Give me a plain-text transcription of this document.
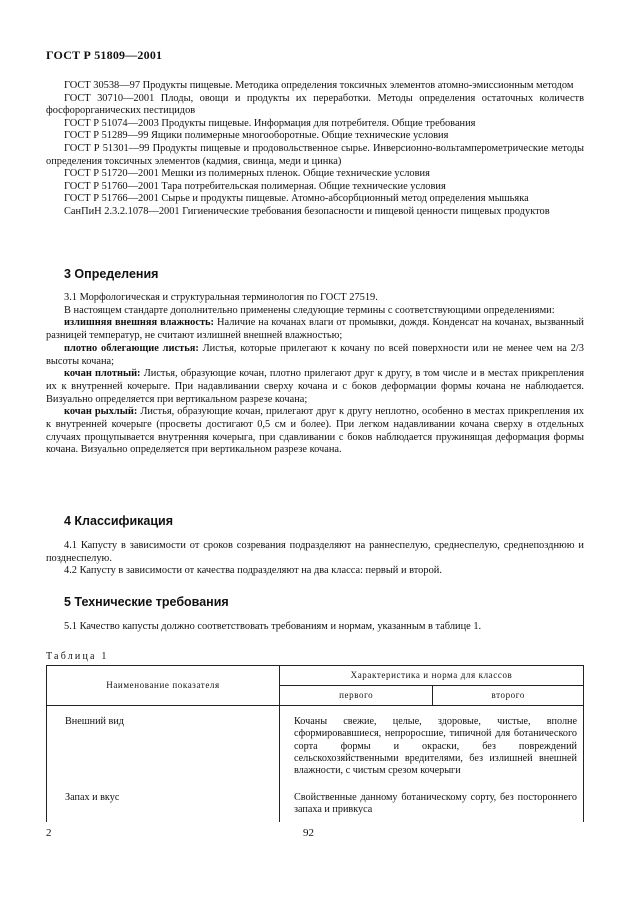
ГОСТ Р 51809—2001

ГОСТ 30538—97 Продукты пищевые. Методика определения токсичных элементов атомно-эмиссионным методом

ГОСТ 30710—2001 Плоды, овощи и продукты их переработки. Методы определения остаточных количеств фосфорорганических пестицидов

ГОСТ Р 51074—2003 Продукты пищевые. Информация для потребителя. Общие требования

ГОСТ Р 51289—99 Ящики полимерные многооборотные. Общие технические условия

ГОСТ Р 51301—99 Продукты пищевые и продовольственное сырье. Инверсионно-вольтамперометрические методы определения токсичных элементов (кадмия, свинца, меди и цинка)

ГОСТ Р 51720—2001 Мешки из полимерных пленок. Общие технические условия

ГОСТ Р 51760—2001 Тара потребительская полимерная. Общие технические условия

ГОСТ Р 51766—2001 Сырье и продукты пищевые. Атомно-абсорбционный метод определения мышьяка

СанПиН 2.3.2.1078—2001 Гигиенические требования безопасности и пищевой ценности пищевых продуктов

3 Определения

3.1 Морфологическая и структуральная терминология по ГОСТ 27519.

В настоящем стандарте дополнительно применены следующие термины с соответствующими определениями:

излишняя внешняя влажность: Наличие на кочанах влаги от промывки, дождя. Конденсат на кочанах, вызванный разницей температур, не считают излишней внешней влажностью;

плотно облегающие листья: Листья, которые прилегают к кочану по всей поверхности или не менее чем на 2/3 высоты кочана;

кочан плотный: Листья, образующие кочан, плотно прилегают друг к другу, в том числе и в местах прикрепления их к внутренней кочерыге. При надавливании сверху кочана и с боков деформации формы кочана не наблюдается. Визуально определяется при вертикальном разрезе кочана;

кочан рыхлый: Листья, образующие кочан, прилегают друг к другу неплотно, особенно в местах прикрепления их к внутренней кочерыге (просветы достигают 0,5 см и более). При легком надавливании кочана сверху в отдельных случаях прощупывается внутренняя кочерыга, при сдавливании с боков наблюдается пружинящая деформация формы кочана. Визуально определяется при вертикальном разрезе кочана.

4 Классификация

4.1 Капусту в зависимости от сроков созревания подразделяют на раннеспелую, среднеспелую, среднепозднюю и позднеспелую.

4.2 Капусту в зависимости от качества подразделяют на два класса: первый и второй.

5 Технические требования

5.1 Качество капусты должно соответствовать требованиям и нормам, указанным в таблице 1.

Таблица 1
Наименование показателя	Характеристика и норма для классов	
	первого	второго
Внешний вид	Кочаны свежие, целые, здоровые, чистые, вполне сформировавшиеся, непроросшие, типичной для ботанического сорта формы и окраски, без повреждений сельскохозяйственными вредителями, без излишней внешней влажности, с чистым срезом кочерыги	
Запах и вкус	Свойственные данному ботаническому сорту, без постороннего запаха и привкуса	
2	92
